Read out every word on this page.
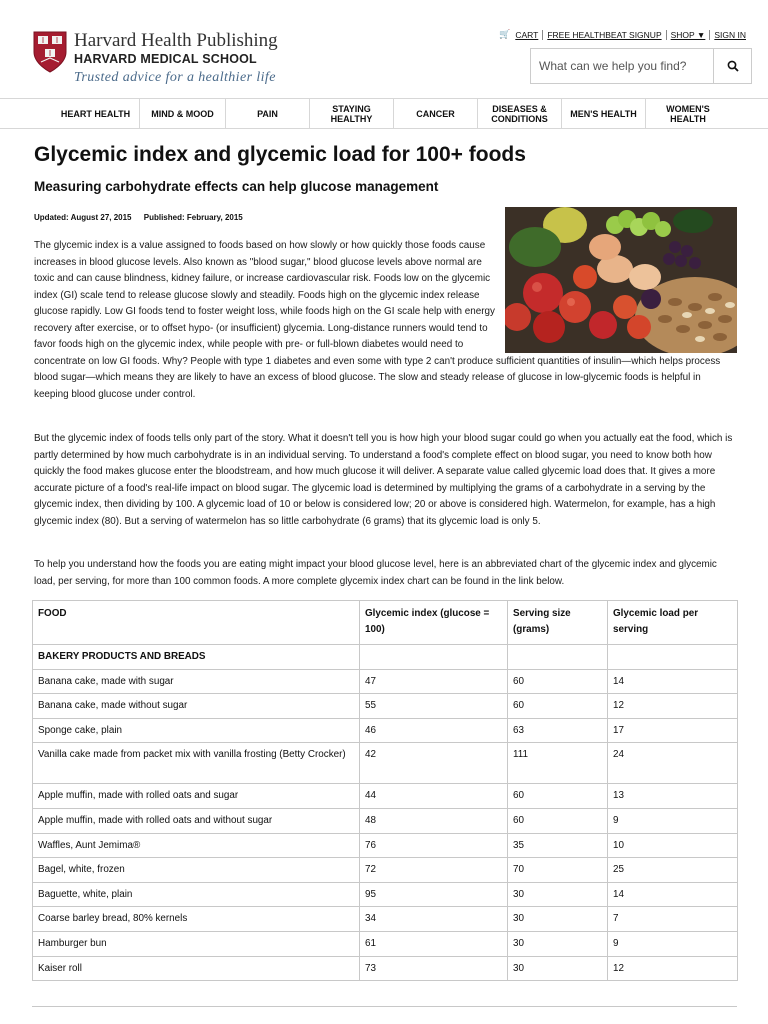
Harvard Health Publishing
HARVARD MEDICAL SCHOOL
Trusted advice for a healthier life
🛒 CART	FREE HEALTHBEAT SIGNUP	SHOP ▼	SIGN IN
What can we help you find?
HEART HEALTH	MIND & MOOD	PAIN	STAYING HEALTHY	CANCER	DISEASES & CONDITIONS	MEN'S HEALTH	WOMEN'S HEALTH
Glycemic index and glycemic load for 100+ foods
Measuring carbohydrate effects can help glucose management
Updated: August 27, 2015 Published: February, 2015
The glycemic index is a value assigned to foods based on how slowly or how quickly those foods cause increases in blood glucose levels. Also known as "blood sugar," blood glucose levels above normal are toxic and can cause blindness, kidney failure, or increase cardiovascular risk. Foods low on the glycemic index (GI) scale tend to release glucose slowly and steadily. Foods high on the glycemic index release glucose rapidly. Low GI foods tend to foster weight loss, while foods high on the GI scale help with energy recovery after exercise, or to offset hypo- (or insufficient) glycemia. Long-distance runners would tend to favor foods high on the glycemic index, while people with pre- or full-blown diabetes would need to
concentrate on low GI foods. Why? People with type 1 diabetes and even some with type 2 can't produce sufficient quantities of insulin—which helps process blood sugar—which means they are likely to have an excess of blood glucose. The slow and steady release of glucose in low-glycemic foods is helpful in keeping blood glucose under control.

But the glycemic index of foods tells only part of the story. What it doesn't tell you is how high your blood sugar could go when you actually eat the food, which is partly determined by how much carbohydrate is in an individual serving. To understand a food's complete effect on blood sugar, you need to know both how quickly the food makes glucose enter the bloodstream, and how much glucose it will deliver. A separate value called glycemic load does that. It gives a more accurate picture of a food's real-life impact on blood sugar. The glycemic load is determined by multiplying the grams of a carbohydrate in a serving by the glycemic index, then dividing by 100. A glycemic load of 10 or below is considered low; 20 or above is considered high. Watermelon, for example, has a high glycemic index (80). But a serving of watermelon has so little carbohydrate (6 grams) that its glycemic load is only 5.

To help you understand how the foods you are eating might impact your blood glucose level, here is an abbreviated chart of the glycemic index and glycemic load, per serving, for more than 100 common foods. A more complete glycemix index chart can be found in the link below.

FOOD	Glycemic index (glucose = 100)	Serving size (grams)	Glycemic load per serving
BAKERY PRODUCTS AND BREADS			
Banana cake, made with sugar	47	60	14
Banana cake, made without sugar	55	60	12
Sponge cake, plain	46	63	17
Vanilla cake made from packet mix with vanilla frosting (Betty Crocker)	42	111	24
Apple muffin, made with rolled oats and sugar	44	60	13
Apple muffin, made with rolled oats and without sugar	48	60	9
Waffles, Aunt Jemima®	76	35	10
Bagel, white, frozen	72	70	25
Baguette, white, plain	95	30	14
Coarse barley bread, 80% kernels	34	30	7
Hamburger bun	61	30	9
Kaiser roll	73	30	12
